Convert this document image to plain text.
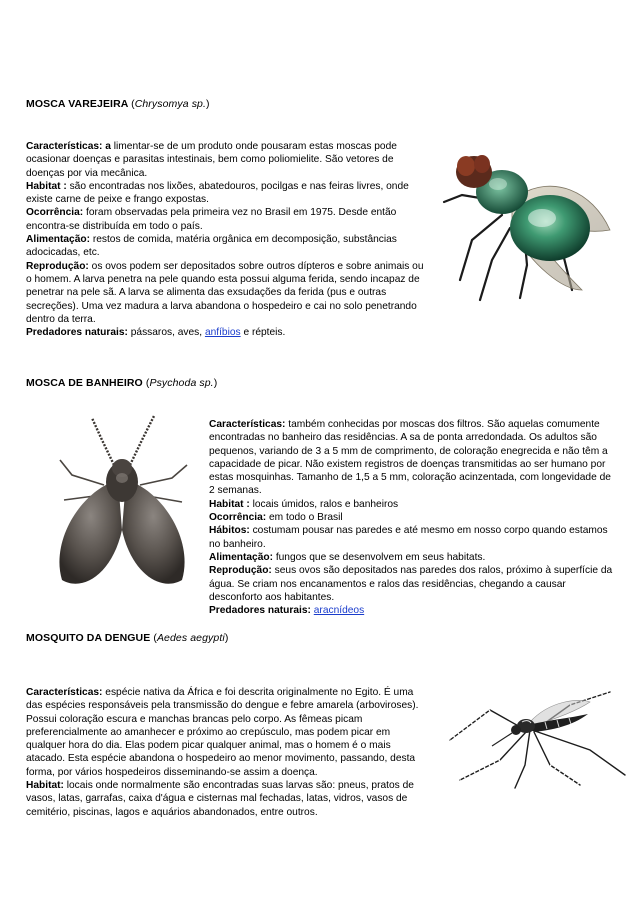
MOSCA VAREJEIRA (Chrysomya sp.)

Características: a limentar-se de um produto onde pousaram estas moscas pode ocasionar doenças e parasitas intestinais, bem como poliomielite. São vetores de doenças por via mecânica.

Habitat : são encontradas nos lixões, abatedouros, pocilgas e nas feiras livres, onde existe carne de peixe e frango expostas.

Ocorrência: foram observadas pela primeira vez no Brasil em 1975. Desde então encontra-se distribuída em todo o país.

Alimentação: restos de comida, matéria orgânica em decomposição, substâncias adocicadas, etc.

Reprodução: os ovos podem ser depositados sobre outros dípteros e sobre animais ou o homem. A larva penetra na pele quando esta possui alguma ferida, sendo incapaz de penetrar na pele sã. A larva se alimenta das exsudações da ferida (pus e outras secreções). Uma vez madura a larva abandona o hospedeiro e cai no solo penetrando dentro da terra.

Predadores naturais: pássaros, aves, anfíbios e répteis.

MOSCA DE BANHEIRO (Psychoda sp.)

Características: também conhecidas por moscas dos filtros. São aquelas comumente encontradas no banheiro das residências. A sa de ponta arredondada. Os adultos são pequenos, variando de 3 a 5 mm de comprimento, de coloração enegrecida e não têm a capacidade de picar. Não existem registros de doenças transmitidas ao ser humano por estas mosquinhas. Tamanho de 1,5 a 5 mm, coloração acinzentada, com longevidade de 2 semanas.

Habitat : locais úmidos, ralos e banheiros

Ocorrência: em todo o Brasil

Hábitos: costumam pousar nas paredes e até mesmo em nosso corpo quando estamos no banheiro.

Alimentação: fungos que se desenvolvem em seus habitats.

Reprodução: seus ovos são depositados nas paredes dos ralos, próximo à superfície da água. Se criam nos encanamentos e ralos das residências, chegando a causar desconforto aos habitantes.

Predadores naturais: aracnídeos

MOSQUITO DA DENGUE (Aedes aegypti)

Características: espécie nativa da África e foi descrita originalmente no Egito. É uma das espécies responsáveis pela transmissão do dengue e febre amarela (arboviroses). Possui coloração escura e manchas brancas pelo corpo. As fêmeas picam preferencialmente ao amanhecer e próximo ao crepúsculo, mas podem picar em qualquer hora do dia. Elas podem picar qualquer animal, mas o homem é o mais atacado. Esta espécie abandona o hospedeiro ao menor movimento, passando, desta forma, por vários hospedeiros disseminando-se assim a doença.

Habitat: locais onde normalmente são encontradas suas larvas são: pneus, pratos de vasos, latas, garrafas, caixa d'água e cisternas mal fechadas, latas, vidros, vasos de cemitério, piscinas, lagos e aquários abandonados, entre outros.
